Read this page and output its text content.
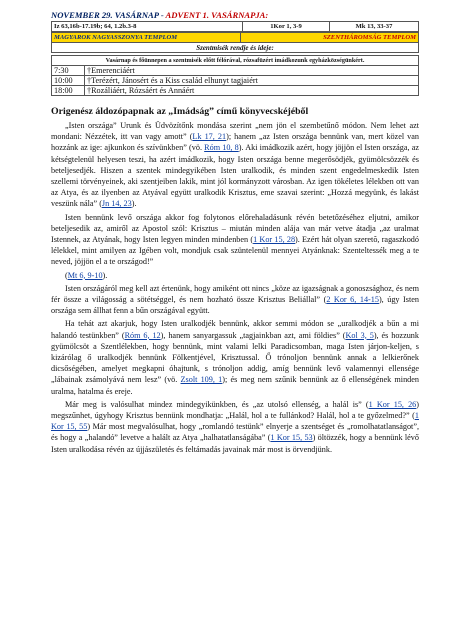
NOVEMBER 29. VASÁRNAP - ADVENT 1. VASÁRNAPJA:
Iz 63,16b-17.19b; 64, 1.2b.3-8	1Kor 1, 3-9	Mk 13, 33-37
MAGYAROK NAGYASSZONYA TEMPLOM	SZENTHÁROMSÁG TEMPLOM
Szentmisék rendje és ideje:
Vasárnap és főünnepen a szentmisék előtt félórával, rózsafüzért imádkozunk egyházközségünkért.	
7:30	†Emerenciáért
10:00	†Terézért, Jánosért és a Kiss család elhunyt tagjaiért
18:00	†Rozáliáért, Rózsáért és Annáért
Origenész áldozópapnak az „Imádság” című könyvecskéjéből

„Isten országa” Urunk és Üdvözítőnk mondása szerint „nem jön el szembetűnő módon. Nem lehet azt mondani: Nézzétek, itt van vagy amott” (Lk 17, 21); hanem „az Isten országa bennünk van, mert közel van hozzánk az ige: ajkunkon és szívünkben” (vö. Róm 10, 8). Aki imádkozik azért, hogy jöjjön el Isten országa, az kétségtelenül helyesen teszi, ha azért imádkozik, hogy Isten országa benne megerősödjék, gyümölcsözzék és beteljesedjék. Hiszen a szentek mindegyikében Isten uralkodik, és minden szent engedelmeskedik Isten szellemi törvényeinek, aki szentjeiben lakik, mint jól kormányzott városban. Az igen tökéletes lélekben ott van az Atya, és az ilyenben az Atyával együtt uralkodik Krisztus, eme szavai szerint: „Hozzá megyünk, és lakást veszünk nála” (Jn 14, 23).

Isten bennünk levő országa akkor fog folytonos előrehaladásunk révén betetőzéséhez eljutni, amikor beteljesedik az, amiről az Apostol szól: Krisztus – miután minden alája van már vetve átadja „az uralmat Istennek, az Atyának, hogy Isten legyen minden mindenben (1 Kor 15, 28). Ezért hát olyan szeretõ, ragaszkodó lélekkel, mint amilyen az Igében volt, mondjuk csak szüntelenül mennyei Atyánknak: Szenteltessék meg a te neved, jöjjön el a te országod!”

(Mt 6, 9-10).

Isten országáról meg kell azt értenünk, hogy amiként ott nincs „köze az igazságnak a gonoszsághoz, és nem fér össze a világosság a sötétséggel, és nem hozható össze Krisztus Beliállal” (2 Kor 6, 14-15), úgy Isten országa sem állhat fenn a bűn országával együtt.

Ha tehát azt akarjuk, hogy Isten uralkodjék bennünk, akkor semmi módon se „uralkodjék a bűn a mi halandó testünkben” (Róm 6, 12), hanem sanyargassuk „tagjainkban azt, ami földies” (Kol 3, 5), és hozzunk gyümölcsöt a Szentlélekben, hogy bennünk, mint valami lelki Paradicsomban, maga Isten járjon-keljen, s kizárólag ő uralkodjék bennünk Fölkentjével, Krisztussal. Ő trónoljon bennünk annak a lelkierőnek dicsőségében, amelyet megkapni óhajtunk, s trónoljon addig, amíg bennünk levő valamennyi ellensége „lábainak zsámolyává nem lesz” (vö. Zsolt 109, 1); és meg nem szűnik bennünk az ő ellenségének minden uralma, hatalma és ereje.

Már meg is valósulhat mindez mindegyikünkben, és „az utolsó ellenség, a halál is” (1 Kor 15, 26) megszűnhet, úgyhogy Krisztus bennünk mondhatja: „Halál, hol a te fullánkod? Halál, hol a te győzelmed?” (1 Kor 15, 55) Már most megvalósulhat, hogy „romlandó testünk” elnyerje a szentséget és „romolhatatlanságot”, és hogy a „halandó” levetve a halált az Atya „halhatatlanságába” (1 Kor 15, 53) öltözzék, hogy a bennünk lévő Isten uralkodása révén az újjászületés és feltámadás javainak már most is örvendjünk.
